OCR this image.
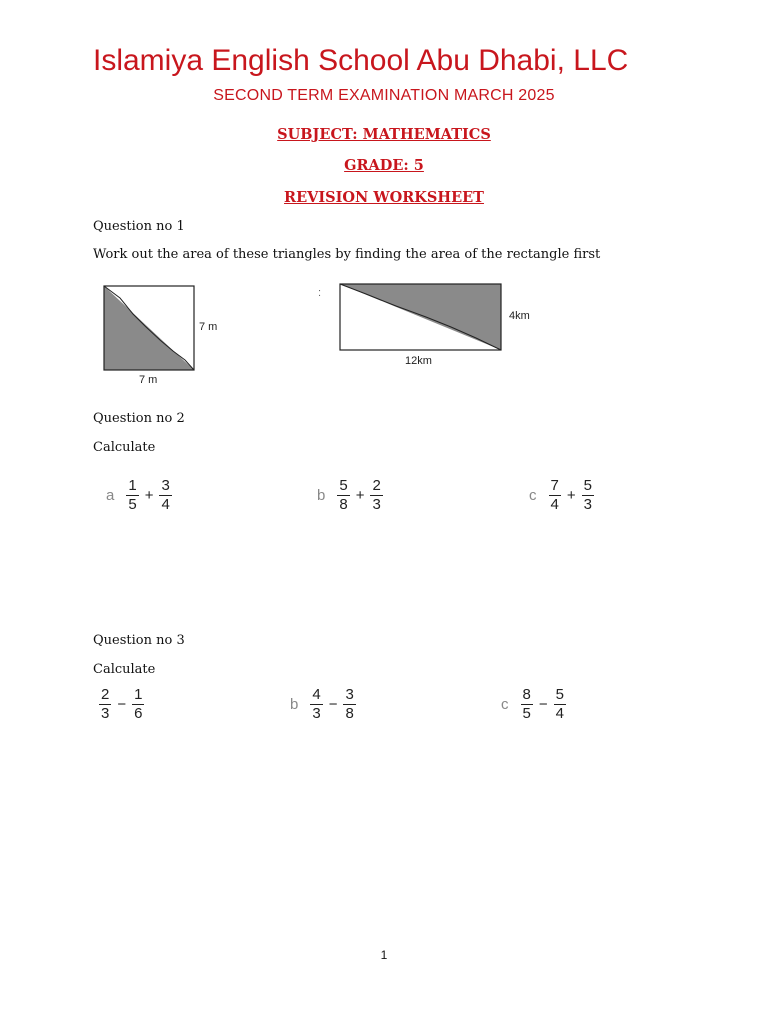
Islamiya English School Abu Dhabi, LLC
SECOND TERM EXAMINATION MARCH 2025
SUBJECT: MATHEMATICS
GRADE: 5
REVISION WORKSHEET
Question no 1
Work out the area of these triangles by finding the area of the rectangle first
7 m
7 m
:
4km
12km
Question no 2
Calculate
a $\frac{1}{5} + \frac{3}{4}$	b $\frac{5}{8} + \frac{2}{3}$	c $\frac{7}{4} + \frac{5}{3}$
Question no 3
Calculate
$\frac{2}{3} - \frac{1}{6}$	b $\frac{4}{3} - \frac{3}{8}$	c $\frac{8}{5} - \frac{5}{4}$
1
